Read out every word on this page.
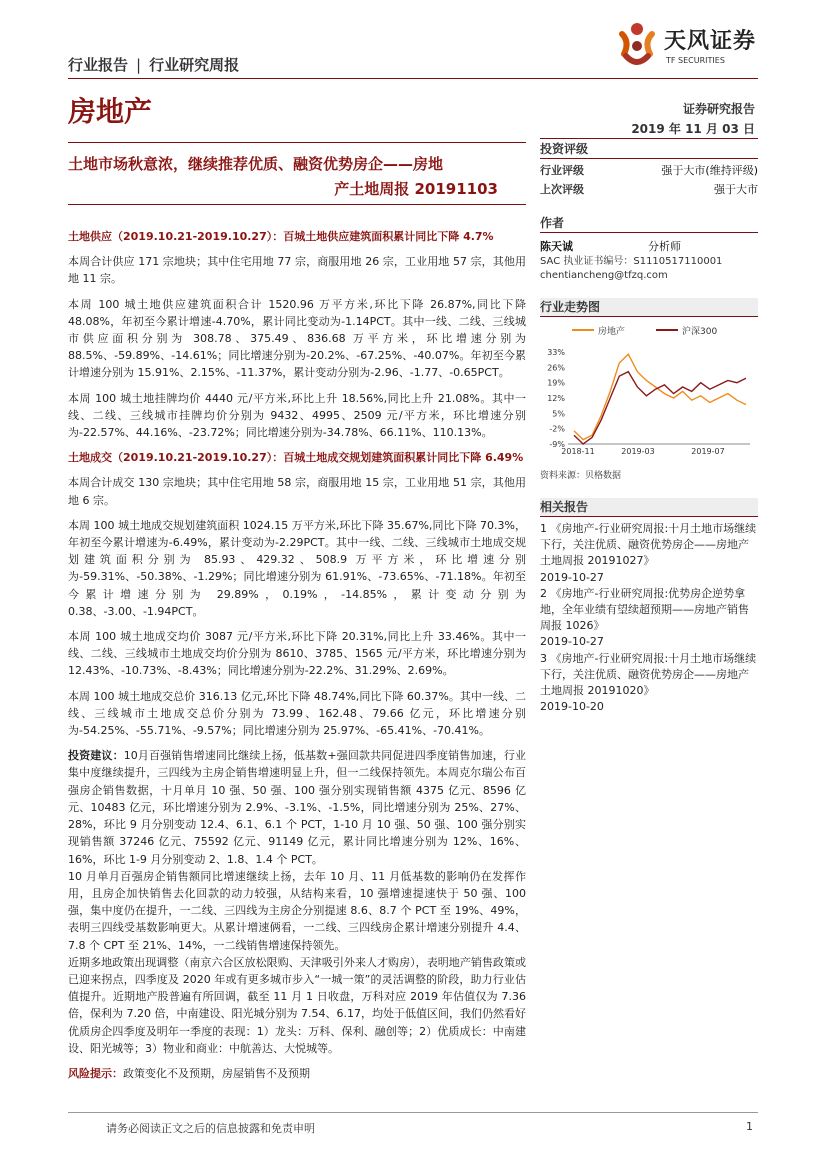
行业报告 | 行业研究周报
天风证券
TF SECURITIES
房地产	证券研究报告
2019 年 11 月 03 日
土地市场秋意浓，继续推荐优质、融资优势房企——房地
产土地周报 20191103
投资评级
行业评级	强于大市(维持评级)
上次评级	强于大市
作者
陈天诚	分析师
SAC 执业证书编号：S1110517110001
chentiancheng@tfzq.com
行业走势图
房地产	沪深300
33%
26%
19%
12%
5%
-2%
-9%
2018-11	2019-03	2019-07
资料来源：贝格数据
相关报告
1 《房地产-行业研究周报:十月土地市场继续下行，关注优质、融资优势房企——房地产土地周报 20191027》
2019-10-27
2 《房地产-行业研究周报:优势房企逆势拿地，全年业绩有望续超预期——房地产销售周报 1026》
2019-10-27
3 《房地产-行业研究周报:十月土地市场继续下行，关注优质、融资优势房企——房地产土地周报 20191020》
2019-10-20

土地供应（2019.10.21-2019.10.27）：百城土地供应建筑面积累计同比下降 4.7%

本周合计供应 171 宗地块；其中住宅用地 77 宗，商服用地 26 宗，工业用地 57 宗，其他用地 11 宗。

本周 100 城土地供应建筑面积合计 1520.96 万平方米,环比下降 26.87%,同比下降 48.08%，年初至今累计增速-4.70%，累计同比变动为-1.14PCT。其中一线、二线、三线城市供应面积分别为 308.78、375.49、836.68 万平方米，环比增速分别为 88.5%、-59.89%、-14.61%；同比增速分别为-20.2%、-67.25%、-40.07%。年初至今累计增速分别为 15.91%、2.15%、-11.37%，累计变动分别为-2.96、-1.77、-0.65PCT。

本周 100 城土地挂牌均价 4440 元/平方米,环比上升 18.56%,同比上升 21.08%。其中一线、二线、三线城市挂牌均价分别为 9432、4995、2509 元/平方米，环比增速分别为-22.57%、44.16%、-23.72%；同比增速分别为-34.78%、66.11%、110.13%。

土地成交（2019.10.21-2019.10.27）：百城土地成交规划建筑面积累计同比下降 6.49%

本周合计成交 130 宗地块；其中住宅用地 58 宗，商服用地 15 宗，工业用地 51 宗，其他用地 6 宗。

本周 100 城土地成交规划建筑面积 1024.15 万平方米,环比下降 35.67%,同比下降 70.3%，年初至今累计增速为-6.49%，累计变动为-2.29PCT。其中一线、二线、三线城市土地成交规划建筑面积分别为 85.93、429.32、508.9 万平方米，环比增速分别为-59.31%、-50.38%、-1.29%；同比增速分别为 61.91%、-73.65%、-71.18%。年初至今累计增速分别为 29.89%，0.19%，-14.85%，累计变动分别为 0.38、-3.00、-1.94PCT。

本周 100 城土地成交均价 3087 元/平方米,环比下降 20.31%,同比上升 33.46%。其中一线、二线、三线城市土地成交均价分别为 8610、3785、1565 元/平方米，环比增速分别为 12.43%、-10.73%、-8.43%；同比增速分别为-22.2%、31.29%、2.69%。

本周 100 城土地成交总价 316.13 亿元,环比下降 48.74%,同比下降 60.37%。其中一线、二线、三线城市土地成交总价分别为 73.99、162.48、79.66 亿元，环比增速分别为-54.25%、-55.71%、-9.57%；同比增速分别为 25.97%、-65.41%、-70.41%。

投资建议：10月百强销售增速同比继续上扬，低基数+强回款共同促进四季度销售加速，行业集中度继续提升，三四线为主房企销售增速明显上升，但一二线保持领先。本周克尔瑞公布百强房企销售数据，十月单月 10 强、50 强、100 强分别实现销售额 4375 亿元、8596 亿元、10483 亿元，环比增速分别为 2.9%、-3.1%、-1.5%，同比增速分别为 25%、27%、28%，环比 9 月分别变动 12.4、6.1、6.1 个 PCT，1-10 月 10 强、50 强、100 强分别实现销售额 37246 亿元、75592 亿元、91149 亿元，累计同比增速分别为 12%、16%、16%，环比 1-9 月分别变动 2、1.8、1.4 个 PCT。

10 月单月百强房企销售额同比增速继续上扬，去年 10 月、11 月低基数的影响仍在发挥作用，且房企加快销售去化回款的动力较强，从结构来看，10 强增速提速快于 50 强、100 强，集中度仍在提升，一二线、三四线为主房企分别提速 8.6、8.7 个 PCT 至 19%、49%，表明三四线受基数影响更大。从累计增速俩看，一二线、三四线房企累计增速分别提升 4.4、7.8 个 CPT 至 21%、14%，一二线销售增速保持领先。

近期多地政策出现调整（南京六合区放松限购、天津吸引外来人才购房），表明地产销售政策或已迎来拐点，四季度及 2020 年或有更多城市步入“一城一策”的灵活调整的阶段，助力行业估值提升。近期地产股普遍有所回调，截至 11 月 1 日收盘，万科对应 2019 年估值仅为 7.36 倍，保利为 7.20 倍，中南建设、阳光城分别为 7.54、6.17，均处于低值区间，我们仍然看好优质房企四季度及明年一季度的表现：1）龙头：万科、保利、融创等；2）优质成长：中南建设、阳光城等；3）物业和商业：中航善达、大悦城等。

风险提示：政策变化不及预期，房屋销售不及预期

请务必阅读正文之后的信息披露和免责申明	1
